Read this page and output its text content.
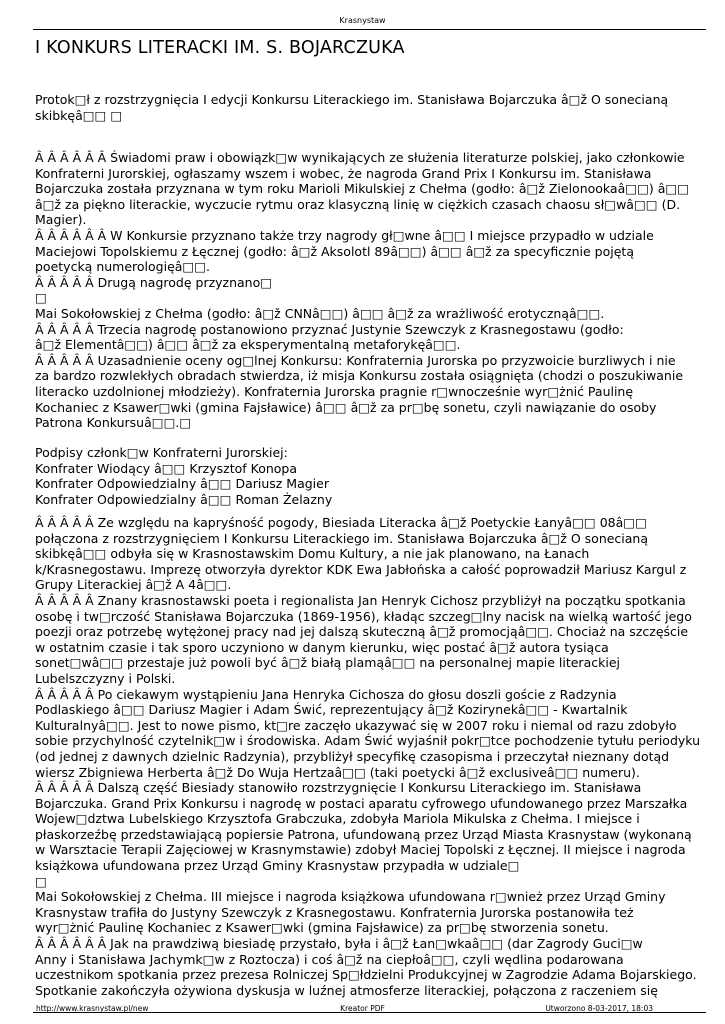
Krasnystaw
I KONKURS LITERACKI IM. S. BOJARCZUKA

Protok□ł z rozstrzygnięcia I edycji Konkursu Literackiego im. Stanisława Bojarczuka â□ž O sonecianą

skibkęâ□□ □

Â Â Â Â Â Â Świadomi praw i obowiązk□w wynikających ze służenia literaturze polskiej, jako członkowie

Konfraterni Jurorskiej, ogłaszamy wszem i wobec, że nagroda Grand Prix I Konkursu im. Stanisława

Bojarczuka została przyznana w tym roku Marioli Mikulskiej z Chełma (godło: â□ž Zielonookaâ□□) â□□

â□ž za piękno literackie, wyczucie rytmu oraz klasyczną linię w ciężkich czasach chaosu sł□wâ□□ (D.

Magier).

Â Â Â Â Â Â W Konkursie przyznano także trzy nagrody gł□wne â□□ I miejsce przypadło w udziale

Maciejowi Topolskiemu z Łęcznej (godło: â□ž Aksolotl 89â□□) â□□ â□ž za specyficznie pojętą

poetycką numerologięâ□□.

Â Â Â Â Â Drugą nagrodę przyznano□

□

Mai Sokołowskiej z Chełma (godło: â□ž CNNâ□□) â□□ â□ž za wrażliwość erotycznąâ□□.

Â Â Â Â Â Trzecia nagrodę postanowiono przyznać Justynie Szewczyk z Krasnegostawu (godło:

â□ž Elementâ□□) â□□ â□ž za eksperymentalną metaforykęâ□□.

Â Â Â Â Â Uzasadnienie oceny og□lnej Konkursu: Konfraternia Jurorska po przyzwoicie burzliwych i nie

za bardzo rozwlekłych obradach stwierdza, iż misja Konkursu została osiągnięta (chodzi o poszukiwanie

literacko uzdolnionej młodzieży). Konfraternia Jurorska pragnie r□wnocześnie wyr□żnić Paulinę

Kochaniec z Ksawer□wki (gmina Fajsławice) â□□ â□ž za pr□bę sonetu, czyli nawiązanie do osoby

Patrona Konkursuâ□□.□

Podpisy członk□w Konfraterni Jurorskiej:

Konfrater Wiodący â□□ Krzysztof Konopa

Konfrater Odpowiedzialny â□□ Dariusz Magier

Konfrater Odpowiedzialny â□□ Roman Żelazny

Â Â Â Â Â Ze względu na kapryśność pogody, Biesiada Literacka â□ž Poetyckie Łanyâ□□ 08â□□

połączona z rozstrzygnięciem I Konkursu Literackiego im. Stanisława Bojarczuka â□ž O sonecianą

skibkęâ□□ odbyła się w Krasnostawskim Domu Kultury, a nie jak planowano, na Łanach

k/Krasnegostawu. Imprezę otworzyła dyrektor KDK Ewa Jabłońska a całość poprowadził Mariusz Kargul z

Grupy Literackiej â□ž A 4â□□.

Â Â Â Â Â Znany krasnostawski poeta i regionalista Jan Henryk Cichosz przybliżył na początku spotkania

osobę i tw□rczość Stanisława Bojarczuka (1869-1956), kładąc szczeg□lny nacisk na wielką wartość jego

poezji oraz potrzebę wytężonej pracy nad jej dalszą skuteczną â□ž promocjąâ□□. Chociaż na szczęście

w ostatnim czasie i tak sporo uczyniono w danym kierunku, więc postać â□ž autora tysiąca

sonet□wâ□□ przestaje już powoli być â□ž białą plamąâ□□ na personalnej mapie literackiej

Lubelszczyzny i Polski.

Â Â Â Â Â Po ciekawym wystąpieniu Jana Henryka Cichosza do głosu doszli goście z Radzynia

Podlaskiego â□□ Dariusz Magier i Adam Świć, reprezentujący â□ž Kozirynekâ□□ - Kwartalnik

Kulturalnyâ□□. Jest to nowe pismo, kt□re zaczęło ukazywać się w 2007 roku i niemal od razu zdobyło

sobie przychylność czytelnik□w i środowiska. Adam Świć wyjaśnił pokr□tce pochodzenie tytułu periodyku

(od jednej z dawnych dzielnic Radzynia), przybliżył specyfikę czasopisma i przeczytał nieznany dotąd

wiersz Zbigniewa Herberta â□ž Do Wuja Hertzaâ□□ (taki poetycki â□ž exclusiveâ□□ numeru).

Â Â Â Â Â Dalszą część Biesiady stanowiło rozstrzygnięcie I Konkursu Literackiego im. Stanisława

Bojarczuka. Grand Prix Konkursu i nagrodę w postaci aparatu cyfrowego ufundowanego przez Marszałka

Wojew□dztwa Lubelskiego Krzysztofa Grabczuka, zdobyła Mariola Mikulska z Chełma. I miejsce i

płaskorzeźbę przedstawiającą popiersie Patrona, ufundowaną przez Urząd Miasta Krasnystaw (wykonaną

w Warsztacie Terapii Zajęciowej w Krasnymstawie) zdobył Maciej Topolski z Łęcznej. II miejsce i nagroda

książkowa ufundowana przez Urząd Gminy Krasnystaw przypadła w udziale□

□

Mai Sokołowskiej z Chełma. III miejsce i nagroda książkowa ufundowana r□wnież przez Urząd Gminy

Krasnystaw trafiła do Justyny Szewczyk z Krasnegostawu. Konfraternia Jurorska postanowiła też

wyr□żnić Paulinę Kochaniec z Ksawer□wki (gmina Fajsławice) za pr□bę stworzenia sonetu.

Â Â Â Â Â Â Jak na prawdziwą biesiadę przystało, była i â□ž Łan□wkaâ□□ (dar Zagrody Guci□w

Anny i Stanisława Jachymk□w z Roztocza) i coś â□ž na ciepłoâ□□, czyli wędlina podarowana

uczestnikom spotkania przez prezesa Rolniczej Sp□łdzielni Produkcyjnej w Zagrodzie Adama Bojarskiego.

Spotkanie zakończyła ożywiona dyskusja w luźnej atmosferze literackiej, połączona z raczeniem się

http://www.krasnystaw.pl/new	Kreator PDF	Utworzono 8-03-2017, 18:03
